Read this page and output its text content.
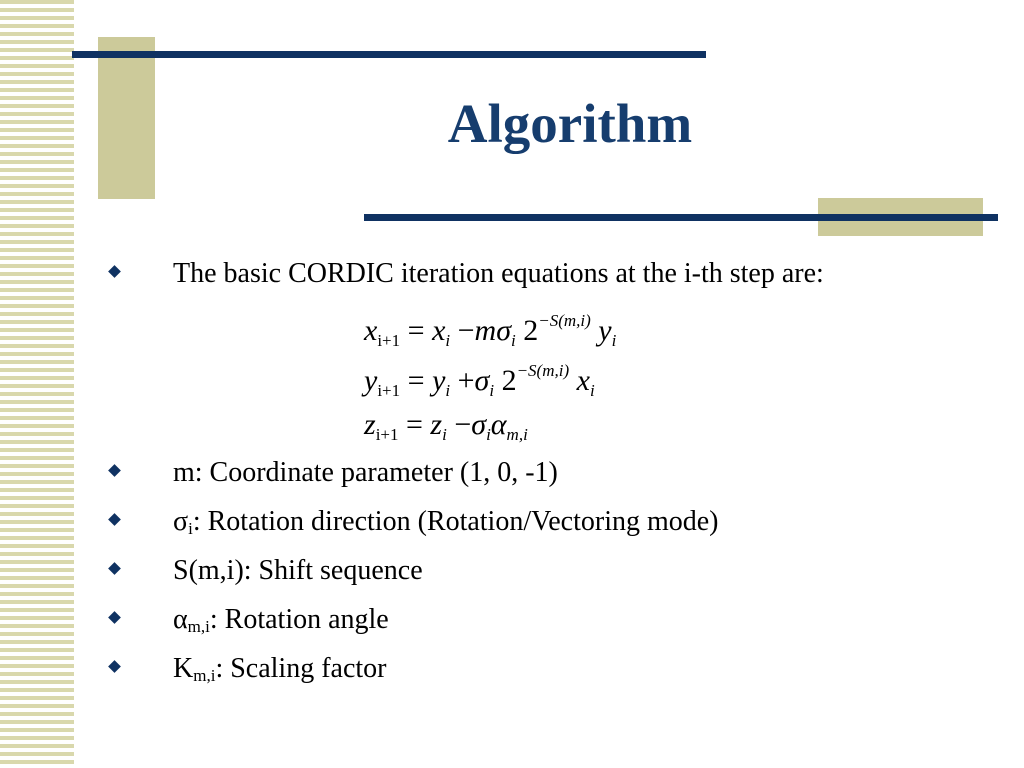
Algorithm
The basic CORDIC iteration equations at the i-th step are:
$x_{i+1} = x_i -m\sigma_i$ $2^{-S(m,i)}$ $y_i$
$y_{i+1} = y_i +\sigma_i$ $2^{-S(m,i)}$ $x_i$
$z_{i+1} = z_i -\sigma_i\alpha_{m,i}$
m: Coordinate parameter (1, 0, -1)
$\sigma_i$: Rotation direction (Rotation/Vectoring mode)
S(m,i): Shift sequence
$\alpha_{m,i}$: Rotation angle
$K_{m,i}$: Scaling factor
